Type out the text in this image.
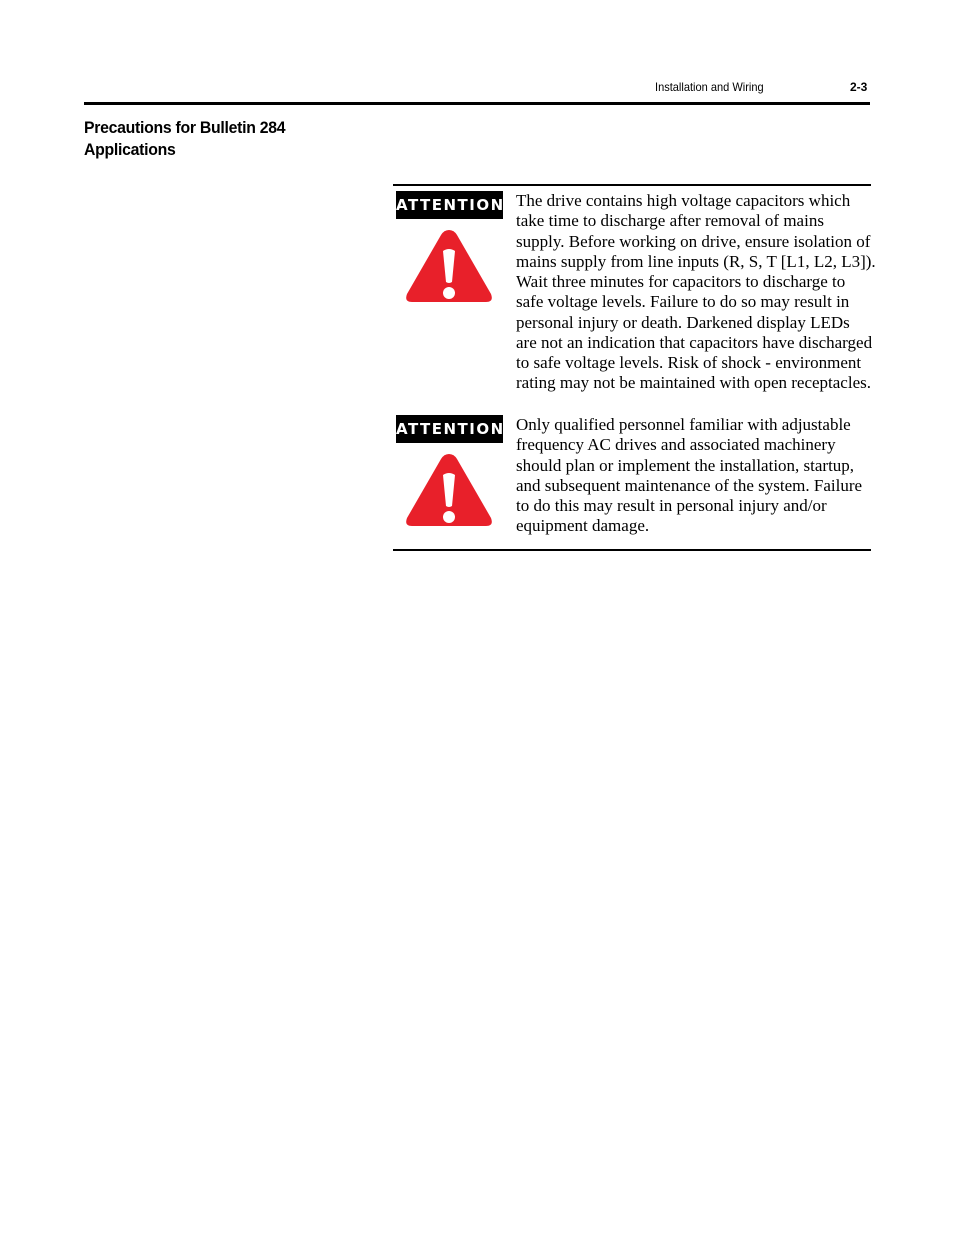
Installation and Wiring	2-3
Precautions for Bulletin 284
Applications
ATTENTION The drive contains high voltage capacitors which
take time to discharge after removal of mains
supply. Before working on drive, ensure isolation of
mains supply from line inputs (R, S, T [L1, L2, L3]).
Wait three minutes for capacitors to discharge to
safe voltage levels. Failure to do so may result in
personal injury or death. Darkened display LEDs
are not an indication that capacitors have discharged
to safe voltage levels. Risk of shock - environment
rating may not be maintained with open receptacles.

ATTENTION Only qualified personnel familiar with adjustable
frequency AC drives and associated machinery
should plan or implement the installation, startup,
and subsequent maintenance of the system. Failure
to do this may result in personal injury and/or
equipment damage.
